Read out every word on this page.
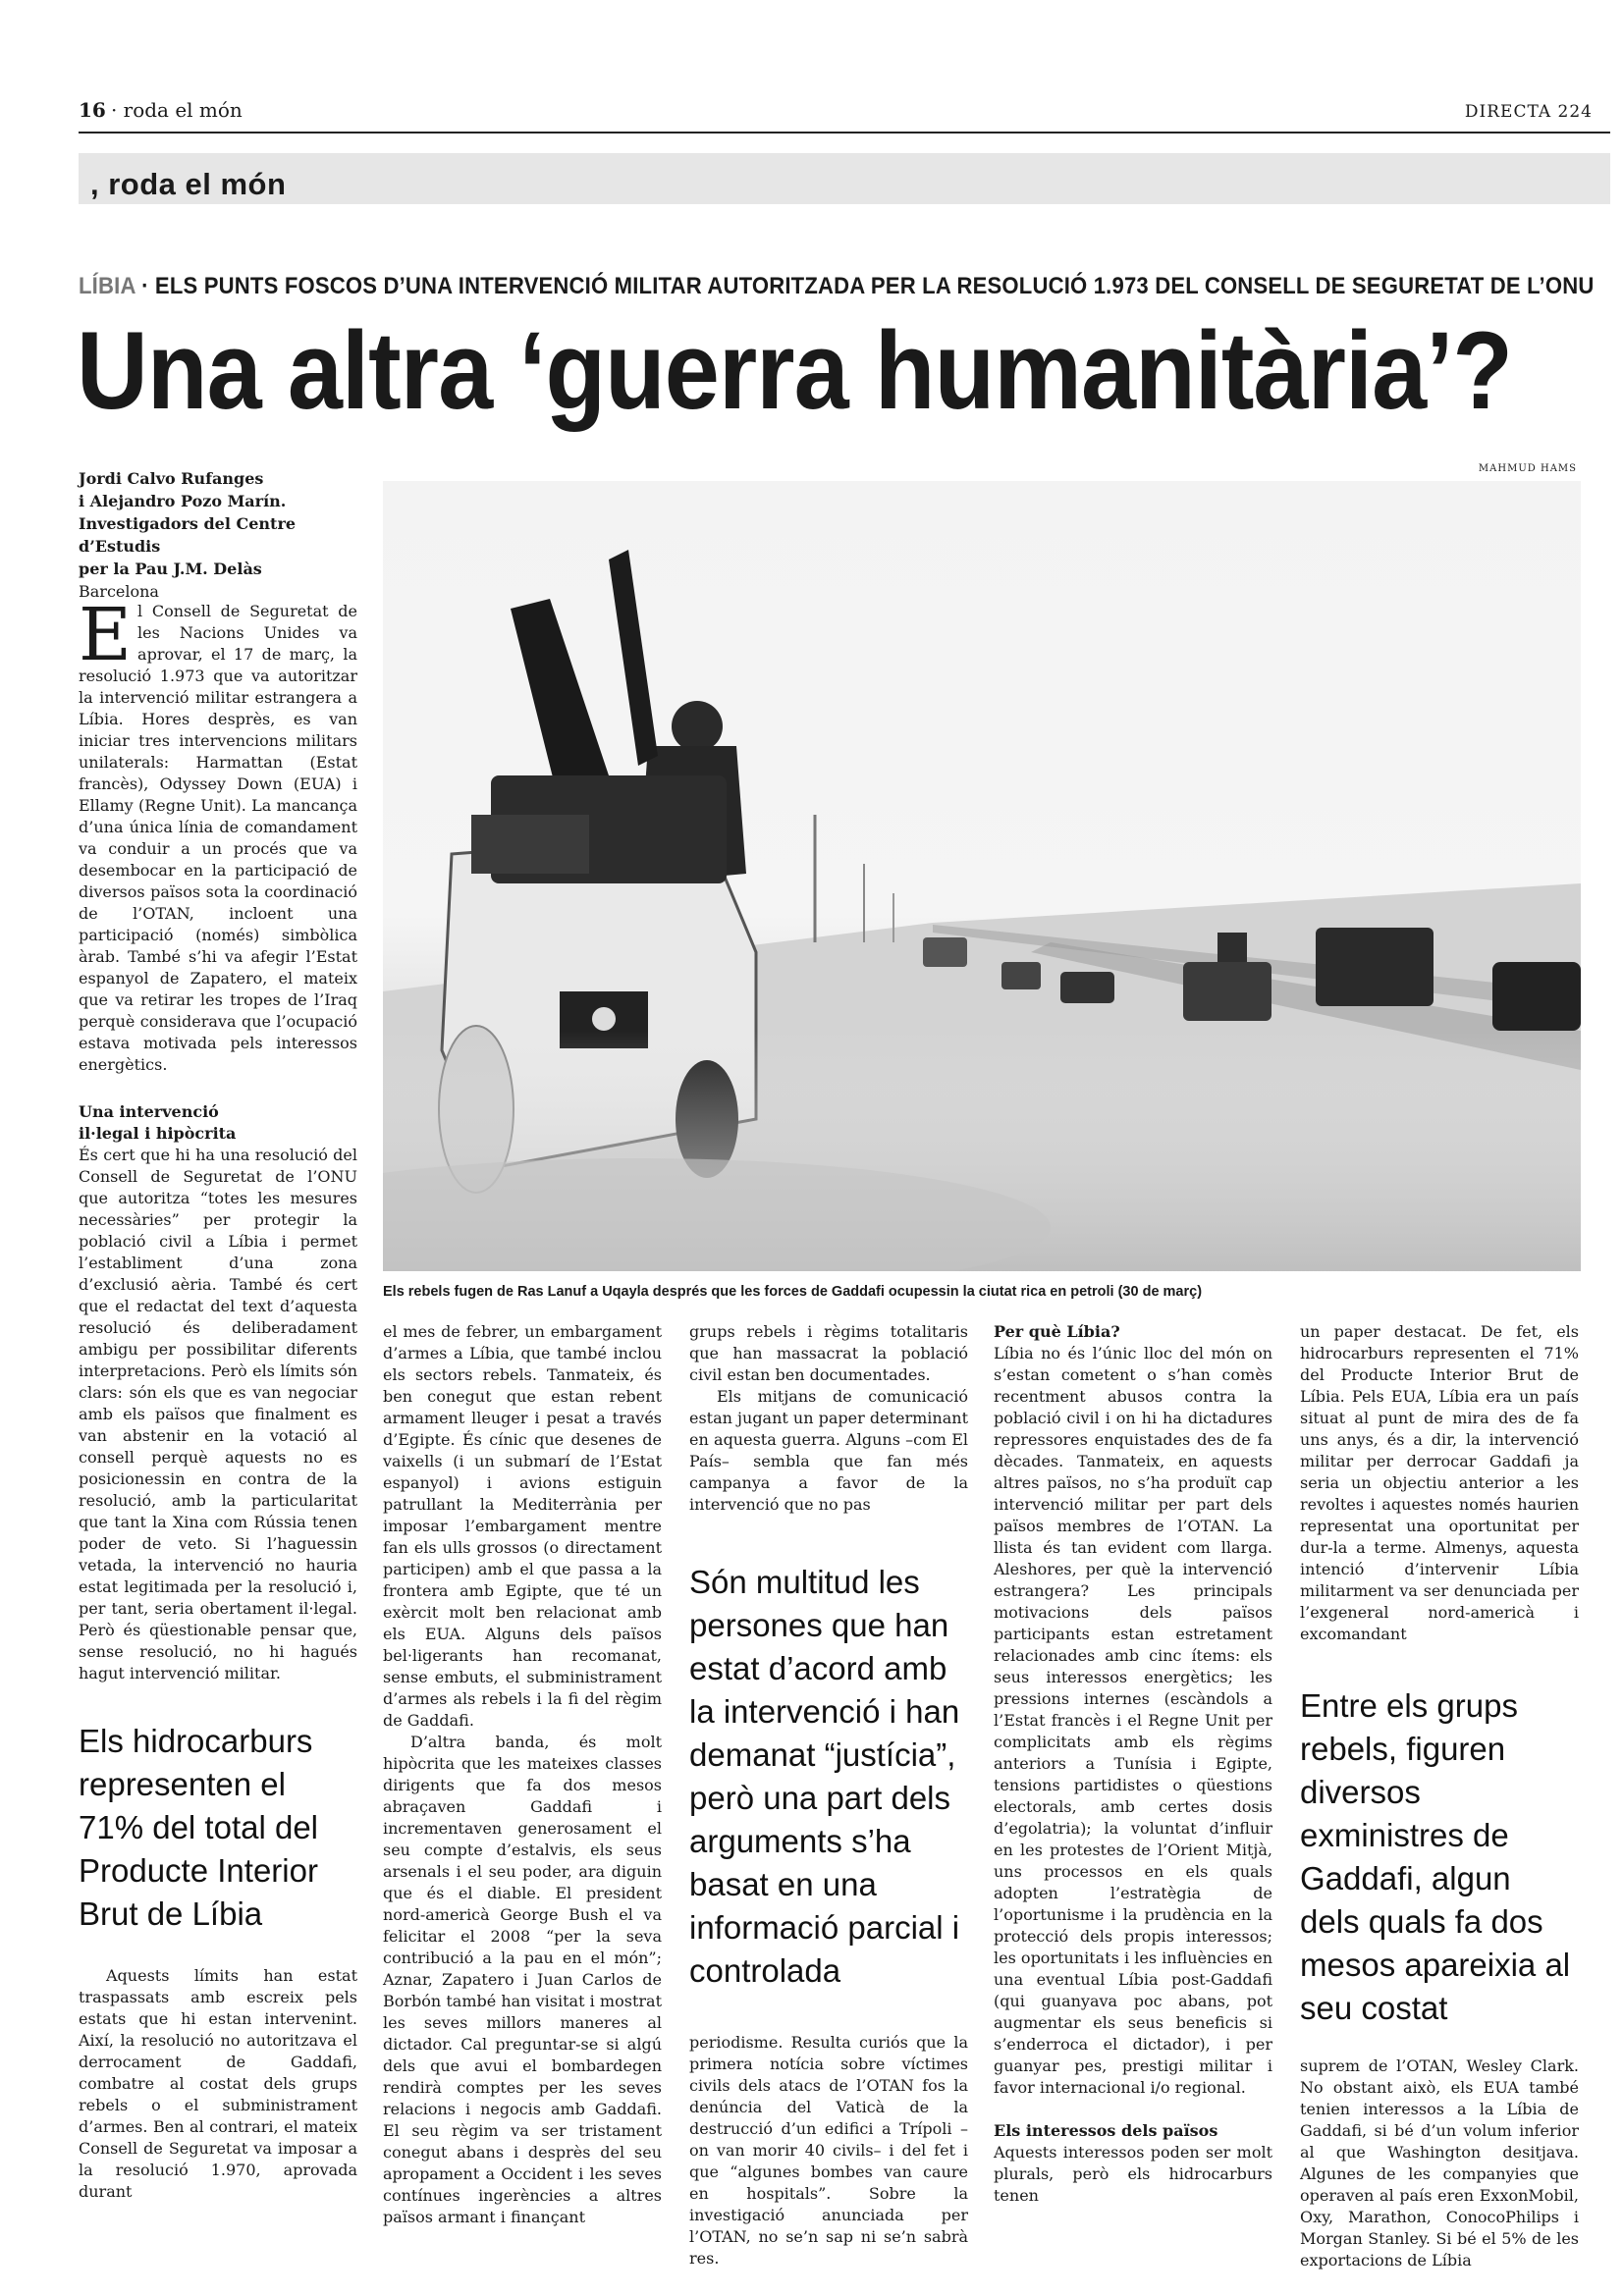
16 · roda el món	DIRECTA 224
, roda el món
LÍBIA · ELS PUNTS FOSCOS D’UNA INTERVENCIÓ MILITAR AUTORITZADA PER LA RESOLUCIÓ 1.973 DEL CONSELL DE SEGURETAT DE L’ONU
Una altra ‘guerra humanitària’?
Jordi Calvo Rufanges
i Alejandro Pozo Marín.
Investigadors del Centre d’Estudis
per la Pau J.M. Delàs
Barcelona
MAHMUD HAMS
Els rebels fugen de Ras Lanuf a Uqayla després que les forces de Gaddafi ocupessin la ciutat rica en petroli (30 de març)

El Consell de Seguretat de les Nacions Unides va aprovar, el 17 de març, la resolució 1.973 que va autoritzar la intervenció militar estrangera a Líbia. Hores desprès, es van iniciar tres intervencions militars unilaterals: Harmattan (Estat francès), Odyssey Down (EUA) i Ellamy (Regne Unit). La mancança d’una única línia de comandament va conduir a un procés que va desembocar en la participació de diversos països sota la coordinació de l’OTAN, incloent una participació (només) simbòlica àrab. També s’hi va afegir l’Estat espanyol de Zapatero, el mateix que va retirar les tropes de l’Iraq perquè considerava que l’ocupació estava motivada pels interessos energètics.

Una intervenció
il·legal i hipòcrita

És cert que hi ha una resolució del Consell de Seguretat de l’ONU que autoritza “totes les mesures necessàries” per protegir la població civil a Líbia i permet l’establiment d’una zona d’exclusió aèria. També és cert que el redactat del text d’aquesta resolució és deliberadament ambigu per possibilitar diferents interpretacions. Però els límits són clars: són els que es van negociar amb els països que finalment es van abstenir en la votació al consell perquè aquests no es posicionessin en contra de la resolució, amb la particularitat que tant la Xina com Rússia tenen poder de veto. Si l’haguessin vetada, la intervenció no hauria estat legitimada per la resolució i, per tant, seria obertament il·legal. Però és qüestionable pensar que, sense resolució, no hi hagués hagut intervenció militar.

Els hidrocarburs representen el 71% del total del Producte Interior Brut de Líbia

Aquests límits han estat traspassats amb escreix pels estats que hi estan intervenint. Així, la resolució no autoritzava el derrocament de Gaddafi, combatre al costat dels grups rebels o el subministrament d’armes. Ben al contrari, el mateix Consell de Seguretat va imposar a la resolució 1.970, aprovada durant

el mes de febrer, un embargament d’armes a Líbia, que també inclou els sectors rebels. Tanmateix, és ben conegut que estan rebent armament lleuger i pesat a través d’Egipte. És cínic que desenes de vaixells (i un submarí de l’Estat espanyol) i avions estiguin patrullant la Mediterrània per imposar l’embargament mentre fan els ulls grossos (o directament participen) amb el que passa a la frontera amb Egipte, que té un exèrcit molt ben relacionat amb els EUA. Alguns dels països bel·ligerants han recomanat, sense embuts, el subministrament d’armes als rebels i la fi del règim de Gaddafi.

D’altra banda, és molt hipòcrita que les mateixes classes dirigents que fa dos mesos abraçaven Gaddafi i incrementaven generosament el seu compte d’estalvis, els seus arsenals i el seu poder, ara diguin que és el diable. El president nord-americà George Bush el va felicitar el 2008 “per la seva contribució a la pau en el món”; Aznar, Zapatero i Juan Carlos de Borbón també han visitat i mostrat les seves millors maneres al dictador. Cal preguntar-se si algú dels que avui el bombardegen rendirà comptes per les seves relacions i negocis amb Gaddafi. El seu règim va ser tristament conegut abans i desprès del seu apropament a Occident i les seves contínues ingerències a altres països armant i finançant

grups rebels i règims totalitaris que han massacrat la població civil estan ben documentades.

Els mitjans de comunicació estan jugant un paper determinant en aquesta guerra. Alguns –com El País– sembla que fan més campanya a favor de la intervenció que no pas

Són multitud les persones que han estat d’acord amb la intervenció i han demanat “justícia”, però una part dels arguments s’ha basat en una informació parcial i controlada

periodisme. Resulta curiós que la primera notícia sobre víctimes civils dels atacs de l’OTAN fos la denúncia del Vaticà de la destrucció d’un edifici a Trípoli –on van morir 40 civils– i del fet i que “algunes bombes van caure en hospitals”. Sobre la investigació anunciada per l’OTAN, no se’n sap ni se’n sabrà res.

Per què Líbia?

Líbia no és l’únic lloc del món on s’estan cometent o s’han comès recentment abusos contra la població civil i on hi ha dictadures repressores enquistades des de fa dècades. Tanmateix, en aquests altres països, no s’ha produït cap intervenció militar per part dels països membres de l’OTAN. La llista és tan evident com llarga. Aleshores, per què la intervenció estrangera? Les principals motivacions dels països participants estan estretament relacionades amb cinc ítems: els seus interessos energètics; les pressions internes (escàndols a l’Estat francès i el Regne Unit per complicitats amb els règims anteriors a Tunísia i Egipte, tensions partidistes o qüestions electorals, amb certes dosis d’egolatria); la voluntat d’influir en les protestes de l’Orient Mitjà, uns processos en els quals adopten l’estratègia de l’oportunisme i la prudència en la protecció dels propis interessos; les oportunitats i les influències en una eventual Líbia post-Gaddafi (qui guanyava poc abans, pot augmentar els seus beneficis si s’enderroca el dictador), i per guanyar pes, prestigi militar i favor internacional i/o regional.

Els interessos dels països

Aquests interessos poden ser molt plurals, però els hidrocarburs tenen

un paper destacat. De fet, els hidrocarburs representen el 71% del Producte Interior Brut de Líbia. Pels EUA, Líbia era un país situat al punt de mira des de fa uns anys, és a dir, la intervenció militar per derrocar Gaddafi ja seria un objectiu anterior a les revoltes i aquestes només haurien representat una oportunitat per dur-la a terme. Almenys, aquesta intenció d’intervenir Líbia militarment va ser denunciada per l’exgeneral nord-americà i excomandant

Entre els grups rebels, figuren diversos exministres de Gaddafi, algun dels quals fa dos mesos apareixia al seu costat

suprem de l’OTAN, Wesley Clark. No obstant això, els EUA també tenien interessos a la Líbia de Gaddafi, si bé d’un volum inferior al que Washington desitjava. Algunes de les companyies que operaven al país eren ExxonMobil, Oxy, Marathon, ConocoPhilips i Morgan Stanley. Si bé el 5% de les exportacions de Líbia
